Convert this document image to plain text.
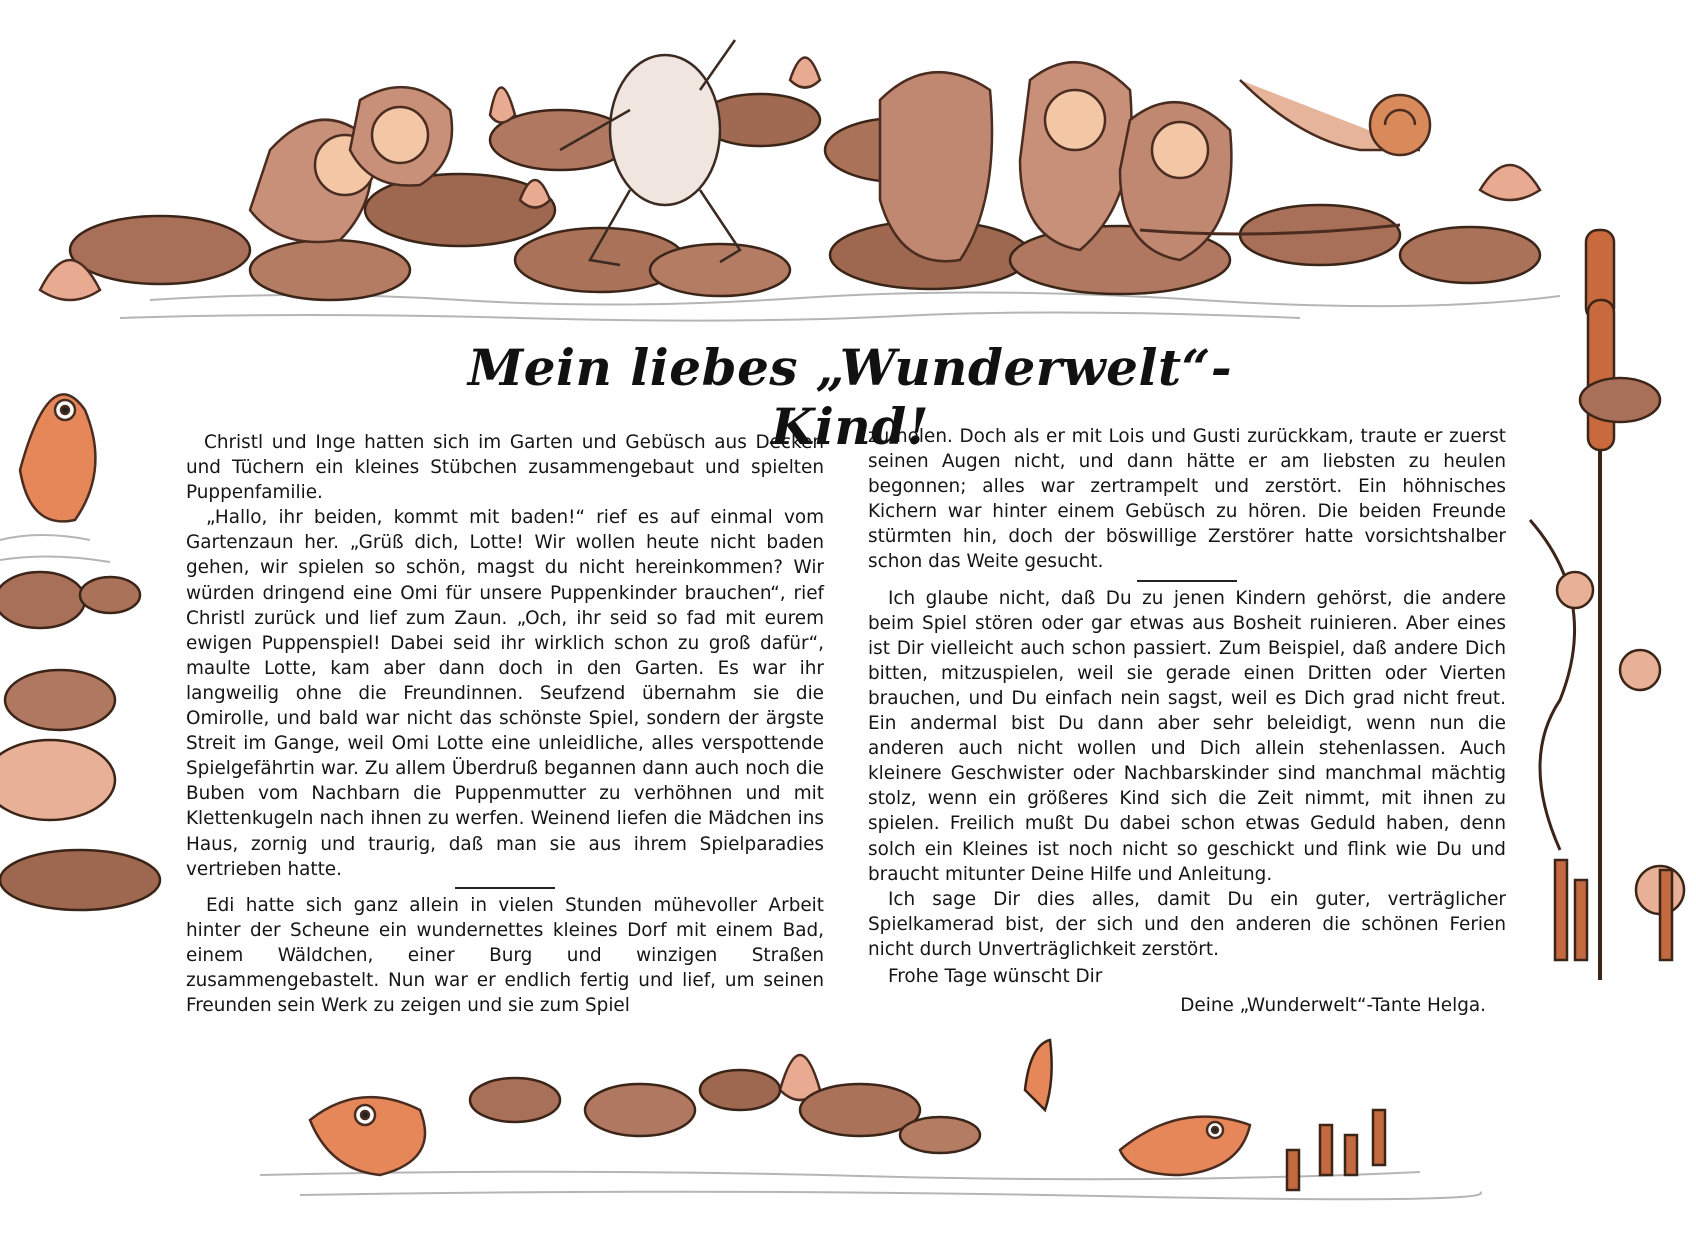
Mein liebes „Wunderwelt“-Kind!

Christl und Inge hatten sich im Garten und Gebüsch aus Decken und Tüchern ein kleines Stübchen zusammengebaut und spielten Puppenfamilie.

„Hallo, ihr beiden, kommt mit baden!“ rief es auf einmal vom Gartenzaun her. „Grüß dich, Lotte! Wir wollen heute nicht baden gehen, wir spielen so schön, magst du nicht hereinkommen? Wir würden dringend eine Omi für unsere Puppenkinder brauchen“, rief Christl zurück und lief zum Zaun. „Och, ihr seid so fad mit eurem ewigen Puppenspiel! Dabei seid ihr wirklich schon zu groß dafür“, maulte Lotte, kam aber dann doch in den Garten. Es war ihr langweilig ohne die Freundinnen. Seufzend übernahm sie die Omirolle, und bald war nicht das schönste Spiel, sondern der ärgste Streit im Gange, weil Omi Lotte eine unleidliche, alles verspottende Spielgefährtin war. Zu allem Überdruß begannen dann auch noch die Buben vom Nachbarn die Puppenmutter zu verhöhnen und mit Klettenkugeln nach ihnen zu werfen. Weinend liefen die Mädchen ins Haus, zornig und traurig, daß man sie aus ihrem Spielparadies vertrieben hatte.

Edi hatte sich ganz allein in vielen Stunden mühevoller Arbeit hinter der Scheune ein wundernettes kleines Dorf mit einem Bad, einem Wäldchen, einer Burg und winzigen Straßen zusammengebastelt. Nun war er endlich fertig und lief, um seinen Freunden sein Werk zu zeigen und sie zum Spiel

zu holen. Doch als er mit Lois und Gusti zurückkam, traute er zuerst seinen Augen nicht, und dann hätte er am liebsten zu heulen begonnen; alles war zertrampelt und zerstört. Ein höhnisches Kichern war hinter einem Gebüsch zu hören. Die beiden Freunde stürmten hin, doch der böswillige Zerstörer hatte vorsichtshalber schon das Weite gesucht.

Ich glaube nicht, daß Du zu jenen Kindern gehörst, die andere beim Spiel stören oder gar etwas aus Bosheit ruinieren. Aber eines ist Dir vielleicht auch schon passiert. Zum Beispiel, daß andere Dich bitten, mitzuspielen, weil sie gerade einen Dritten oder Vierten brauchen, und Du einfach nein sagst, weil es Dich grad nicht freut. Ein andermal bist Du dann aber sehr beleidigt, wenn nun die anderen auch nicht wollen und Dich allein stehenlassen. Auch kleinere Geschwister oder Nachbarskinder sind manchmal mächtig stolz, wenn ein größeres Kind sich die Zeit nimmt, mit ihnen zu spielen. Freilich mußt Du dabei schon etwas Geduld haben, denn solch ein Kleines ist noch nicht so geschickt und flink wie Du und braucht mitunter Deine Hilfe und Anleitung.

Ich sage Dir dies alles, damit Du ein guter, verträglicher Spielkamerad bist, der sich und den anderen die schönen Ferien nicht durch Unverträglichkeit zerstört.

Frohe Tage wünscht Dir
Deine „Wunderwelt“-Tante Helga.
